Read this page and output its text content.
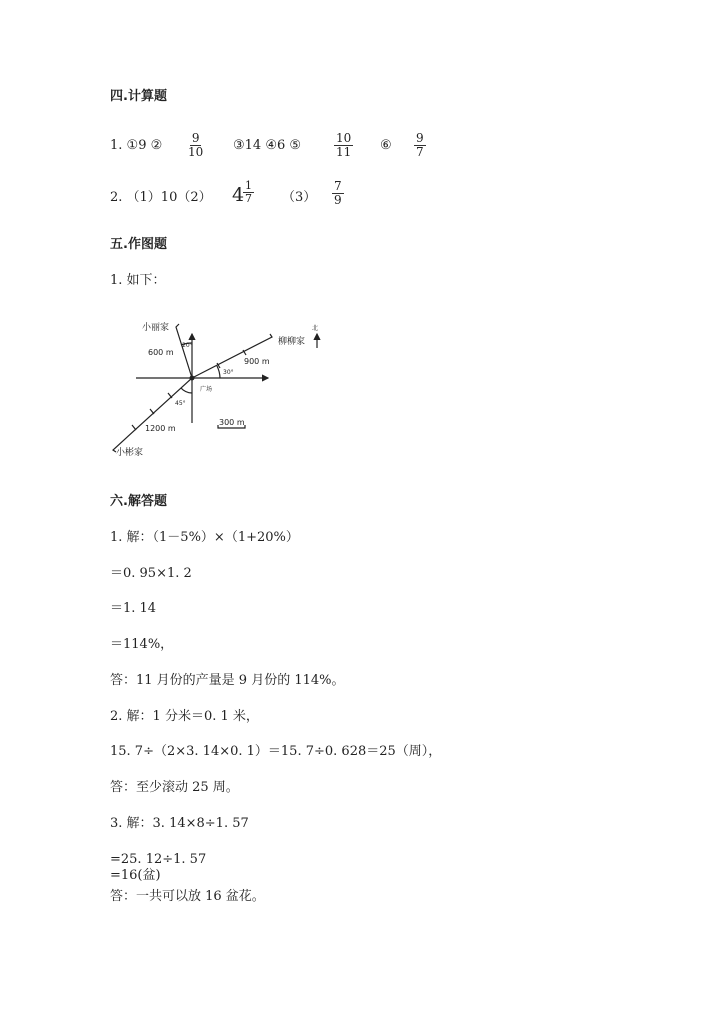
四.计算题
1. ①9 ② $\frac{9}{10}$ ③14 ④6 ⑤	$\frac{10}{11}$ ⑥ $\frac{9}{7}$
2. （1）10（2） 4
$\frac{1}{7} (3) \frac{7}{9}$
五.作图题
1. 如下：
小丽家
柳柳家
小彬家
广场
北
600 m
900 m
1200 m
20°
30°
45°
300 m
六.解答题
1. 解：（1－5%）×（1+20%）
＝0. 95×1. 2
＝1. 14
＝114%，
答：11 月份的产量是 9 月份的 114%。
2. 解：1 分米＝0. 1 米，
15. 7÷（2×3. 14×0. 1）＝15. 7÷0. 628＝25（周），
答：至少滚动 25 周。
3. 解：3. 14×8÷1. 57
=25. 12÷1. 57
=16(盆)
答：一共可以放 16 盆花。
